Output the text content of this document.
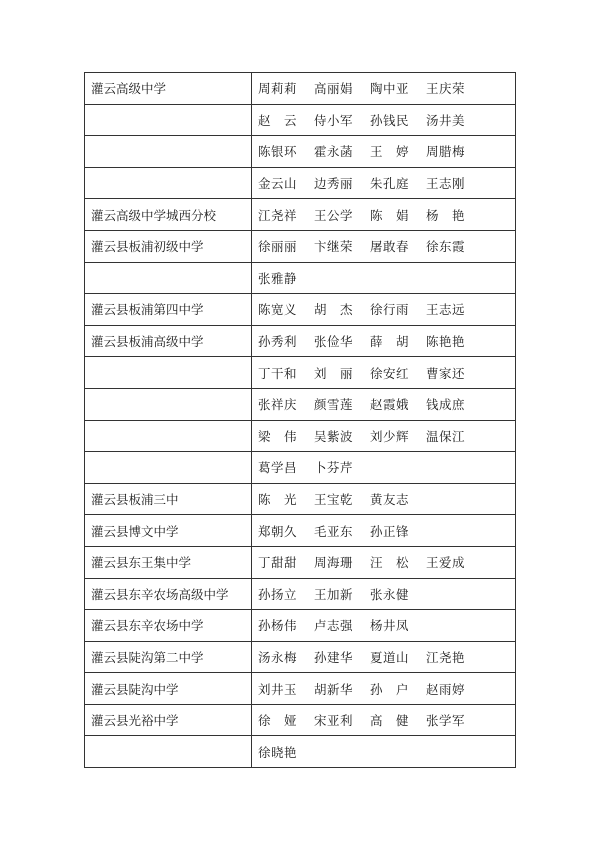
灌云高级中学	周莉莉 高丽娟 陶中亚 王庆荣
	赵　云 侍小军 孙钱民 汤井美
	陈银环 霍永菡 王　婷 周腊梅
	金云山 边秀丽 朱孔庭 王志刚
灌云高级中学城西分校	江尧祥 王公学 陈　娟 杨　艳
灌云县板浦初级中学	徐丽丽 卞继荣 屠敢春 徐东霞
	张雅静
灌云县板浦第四中学	陈宽义 胡　杰 徐行雨 王志远
灌云县板浦高级中学	孙秀利 张俭华 薛　胡 陈艳艳
	丁干和 刘　丽 徐安红 曹家还
	张祥庆 颜雪莲 赵霞娥 钱成庶
	梁　伟 吴紫波 刘少辉 温保江
	葛学昌 卜芬芹
灌云县板浦三中	陈　光 王宝乾 黄友志
灌云县博文中学	郑朝久 毛亚东 孙正锋
灌云县东王集中学	丁甜甜 周海珊 汪　松 王爱成
灌云县东辛农场高级中学	孙扬立 王加新 张永健
灌云县东辛农场中学	孙杨伟 卢志强 杨井凤
灌云县陡沟第二中学	汤永梅 孙建华 夏道山 江尧艳
灌云县陡沟中学	刘井玉 胡新华 孙　户 赵雨婷
灌云县光裕中学	徐　娅 宋亚利 高　健 张学军
	徐晓艳
